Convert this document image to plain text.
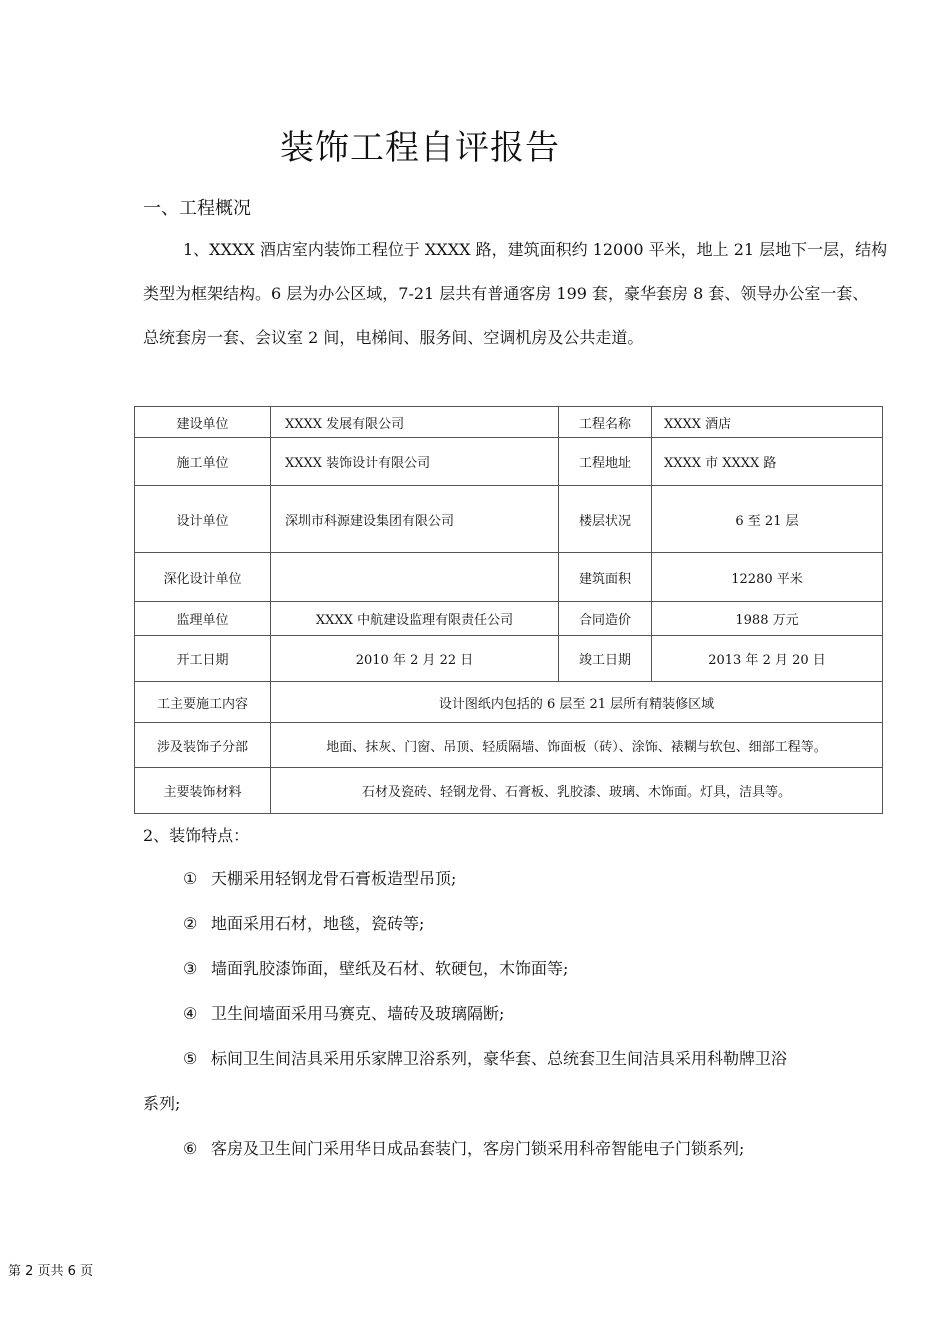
装饰工程自评报告
一、工程概况

1、XXXX 酒店室内装饰工程位于 XXXX 路，建筑面积约 12000 平米，地上 21 层地下一层，结构

类型为框架结构。6 层为办公区域，7-21 层共有普通客房 199 套，豪华套房 8 套、领导办公室一套、

总统套房一套、会议室 2 间，电梯间、服务间、空调机房及公共走道。

建设单位	XXXX 发展有限公司	工程名称	XXXX 酒店
施工单位	XXXX 装饰设计有限公司	工程地址	XXXX 市 XXXX 路
设计单位	深圳市科源建设集团有限公司	楼层状况	6 至 21 层
深化设计单位		建筑面积	12280 平米
监理单位	XXXX 中航建设监理有限责任公司	合同造价	1988 万元
开工日期	2010 年 2 月 22 日	竣工日期	2013 年 2 月 20 日
工主要施工内容	设计图纸内包括的 6 层至 21 层所有精装修区域		
涉及装饰子分部	地面、抹灰、门窗、吊顶、轻质隔墙、饰面板（砖）、涂饰、裱糊与软包、细部工程等。		
主要装饰材料	石材及瓷砖、轻钢龙骨、石膏板、乳胶漆、玻璃、木饰面。灯具，洁具等。		
2、装饰特点：
① 天棚采用轻钢龙骨石膏板造型吊顶;
② 地面采用石材，地毯，瓷砖等;
③ 墙面乳胶漆饰面，壁纸及石材、软硬包，木饰面等;
④ 卫生间墙面采用马赛克、墙砖及玻璃隔断;
⑤ 标间卫生间洁具采用乐家牌卫浴系列，豪华套、总统套卫生间洁具采用科勒牌卫浴
系列;
⑥ 客房及卫生间门采用华日成品套装门，客房门锁采用科帝智能电子门锁系列;
第 2 页共 6 页
